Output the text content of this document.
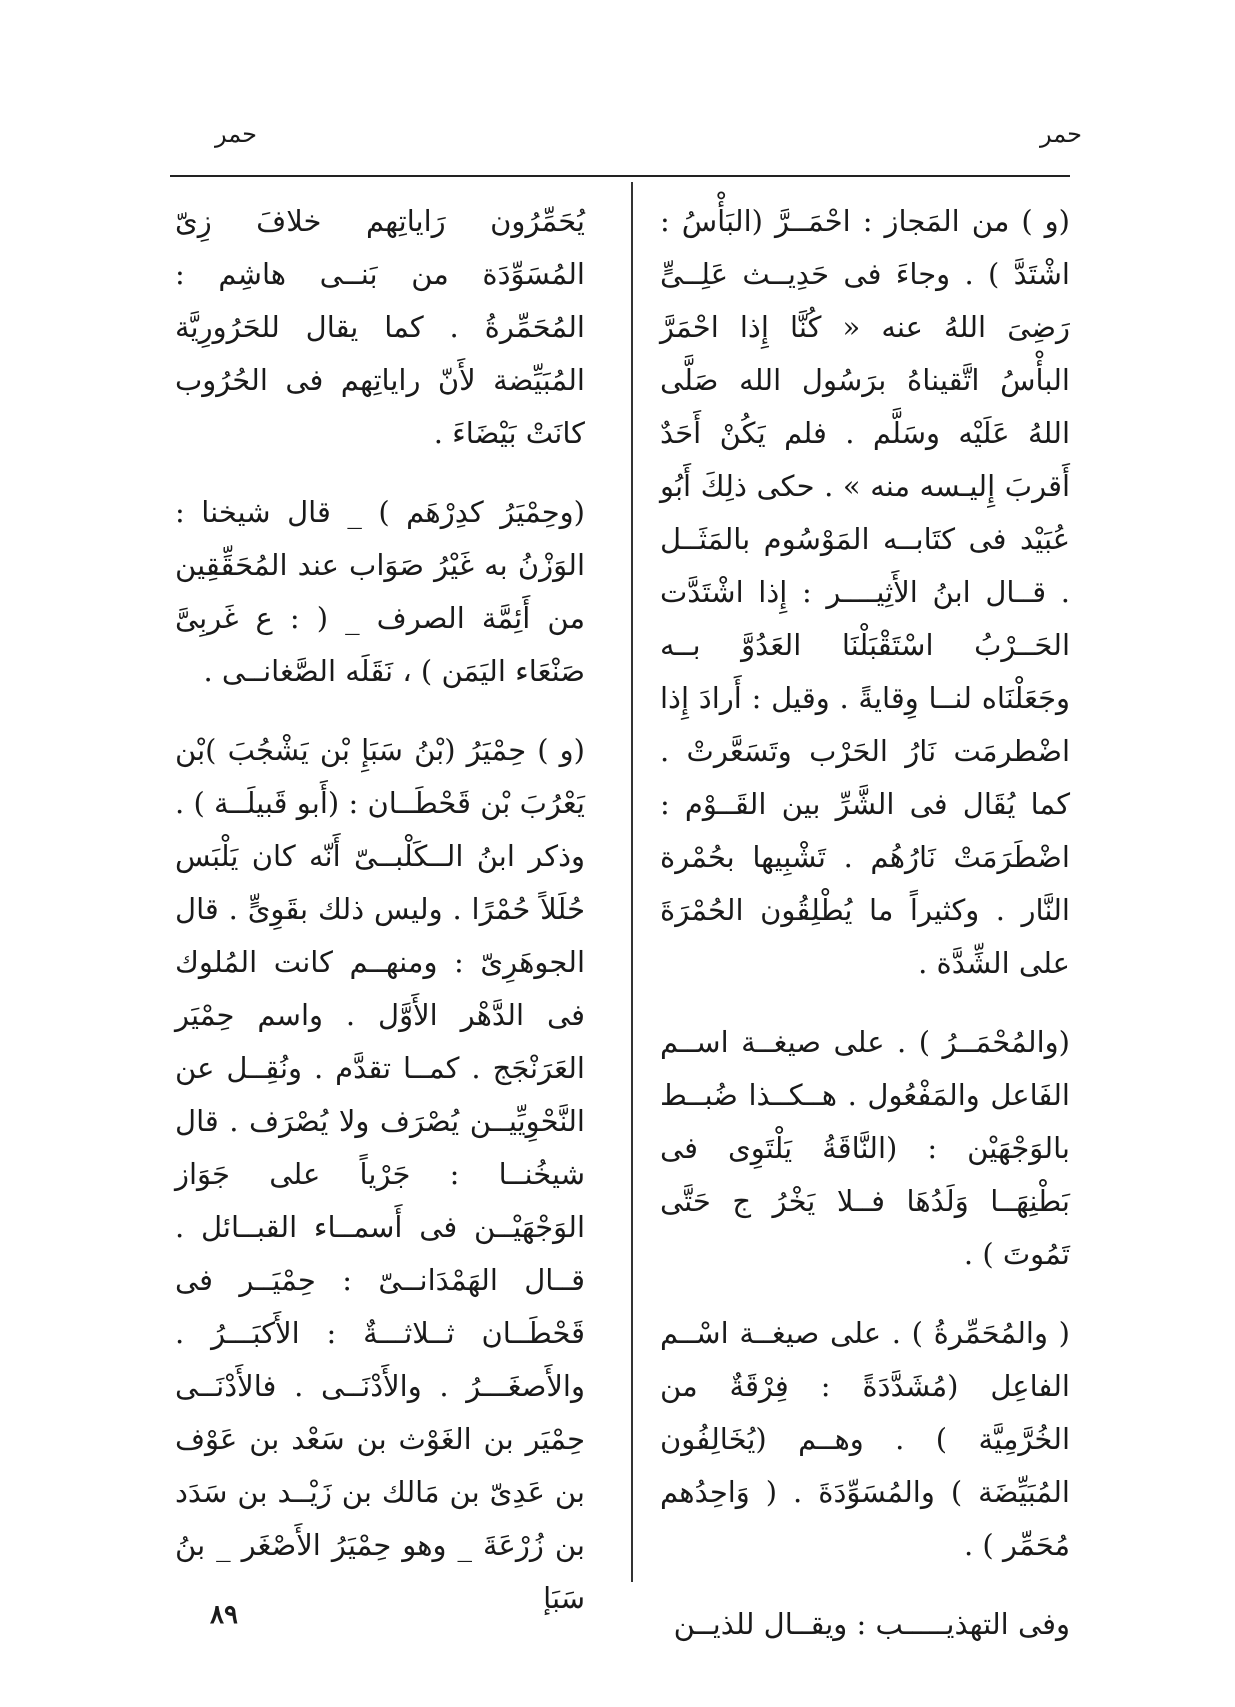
حمر
حمر

(و ) من المَجاز : احْمَــرَّ (البَأْسُ : اشْتَدَّ ) . وجاءَ فى حَدِيــث عَلِــىٍّ رَضِىَ اللهُ عنه « كُنَّا إِذا احْمَرَّ البأْسُ اتَّقيناهُ برَسُول الله صَلَّى اللهُ عَلَيْه وسَلَّم . فلم يَكُنْ أَحَدٌ أَقربَ إِليـسه منه » . حكى ذلِكَ أَبُو عُبَيْد فى كتَابــه المَوْسُوم بالمَثَــل . قــال ابنُ الأَثِيــــر : إِذا اشْتَدَّت الحَــرْبُ اسْتَقْبَلْنَا العَدُوَّ بــه وجَعَلْنَاه لنــا وِقايةً . وقيل : أَرادَ إِذا اضْطرمَت نَارُ الحَرْب وتَسَعَّرتْ . كما يُقَال فى الشَّرِّ بين القَــوْم : اضْطَرَمَتْ نَارُهُم . تَشْبِيها بحُمْرة النَّار . وكثيراً ما يُطْلِقُون الحُمْرَةَ على الشِّدَّة .

(والمُحْمَــرُ ) . على صيغــة اســم الفَاعل والمَفْعُول . هــكــذا ضُبــط بالوَجْهَيْن : (النَّاقَةُ يَلْتَوِى فى بَطْنِهَــا وَلَدُهَا فــلا يَخْرُ ج حَتَّى تَمُوتَ ) .

( والمُحَمِّرةُ ) . على صيغــة اسْــم الفاعِل (مُشَدَّدَةً : فِرْقَةٌ من الخُرَّمِيَّة ) . وهــم (يُخَالِفُون المُبَيِّضَة ) والمُسَوِّدَةَ . ( وَاحِدُهم مُحَمِّر ) .

وفى التهذيـــــب : ويقــال للذيــن

يُحَمِّرُون رَاياتِهم خلافَ زِىّ المُسَوِّدَة من بَنــى هاشِم : المُحَمِّرةُ . كما يقال للحَرُورِيَّة المُبَيِّضة لأَنّ راياتِهم فى الحُرُوب كانَتْ بَيْضَاءَ .

(وحِمْيَرُ كدِرْهَم ) _ قال شيخنا : الوَزْنُ به غَيْرُ صَوَاب عند المُحَقِّقِين من أَئِمَّة الصرف _ ( : ع غَربِىَّ صَنْعَاء اليَمَن ) ، نَقَلَه الصَّغانــى .

(و ) حِمْيَرُ (بْنُ سَبَإِ بْن يَشْجُبَ )بْن يَعْرُبَ بْن قَحْطَــان : (أَبو قَبيلَــة ) . وذكر ابنُ الــكَلْبــىّ أَنّه كان يَلْبَس حُلَلاً حُمْرًا . وليس ذلك بقَوِىٍّ . قال الجوهَرِىّ : ومنهــم كانت المُلوك فى الدَّهْر الأَوَّل . واسم حِمْيَر العَرَنْجَج . كمــا تقدَّم . ونُقِــل عن النَّحْوِيِّيــن يُصْرَف ولا يُصْرَف . قال شيخُنــا : جَرْياً على جَوَاز الوَجْهَيْــن فى أَسمــاء القبــائل . قــال الهَمْدَانــىّ : حِمْيَــر فى قَحْطَــان ثــلاثـــةٌ : الأَكبَـــرُ . والأَصغَـــرُ . والأَدْنَــى . فالأَدْنَــى حِمْيَر بن الغَوْث بن سَعْد بن عَوْف بن عَدِىّ بن مَالك بن زَيْــد بن سَدَد بن زُرْعَةَ _ وهو حِمْيَرُ الأَصْغَر _ بنُ سَبَإ

٨٩
